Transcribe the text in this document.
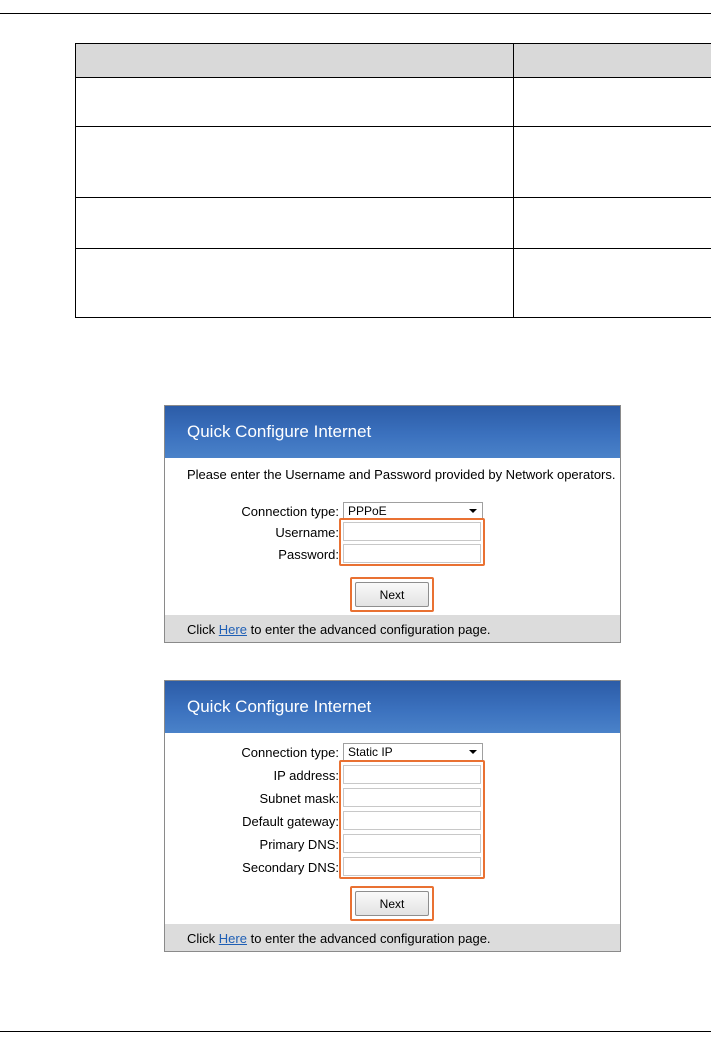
Quick Configure Internet
Please enter the Username and Password provided by Network operators.
Connection type: PPPoE
Username:
Password:
Next
Click Here to enter the advanced configuration page.
Quick Configure Internet
Connection type: Static IP
IP address:
Subnet mask:
Default gateway:
Primary DNS:
Secondary DNS:
Next
Click Here to enter the advanced configuration page.
